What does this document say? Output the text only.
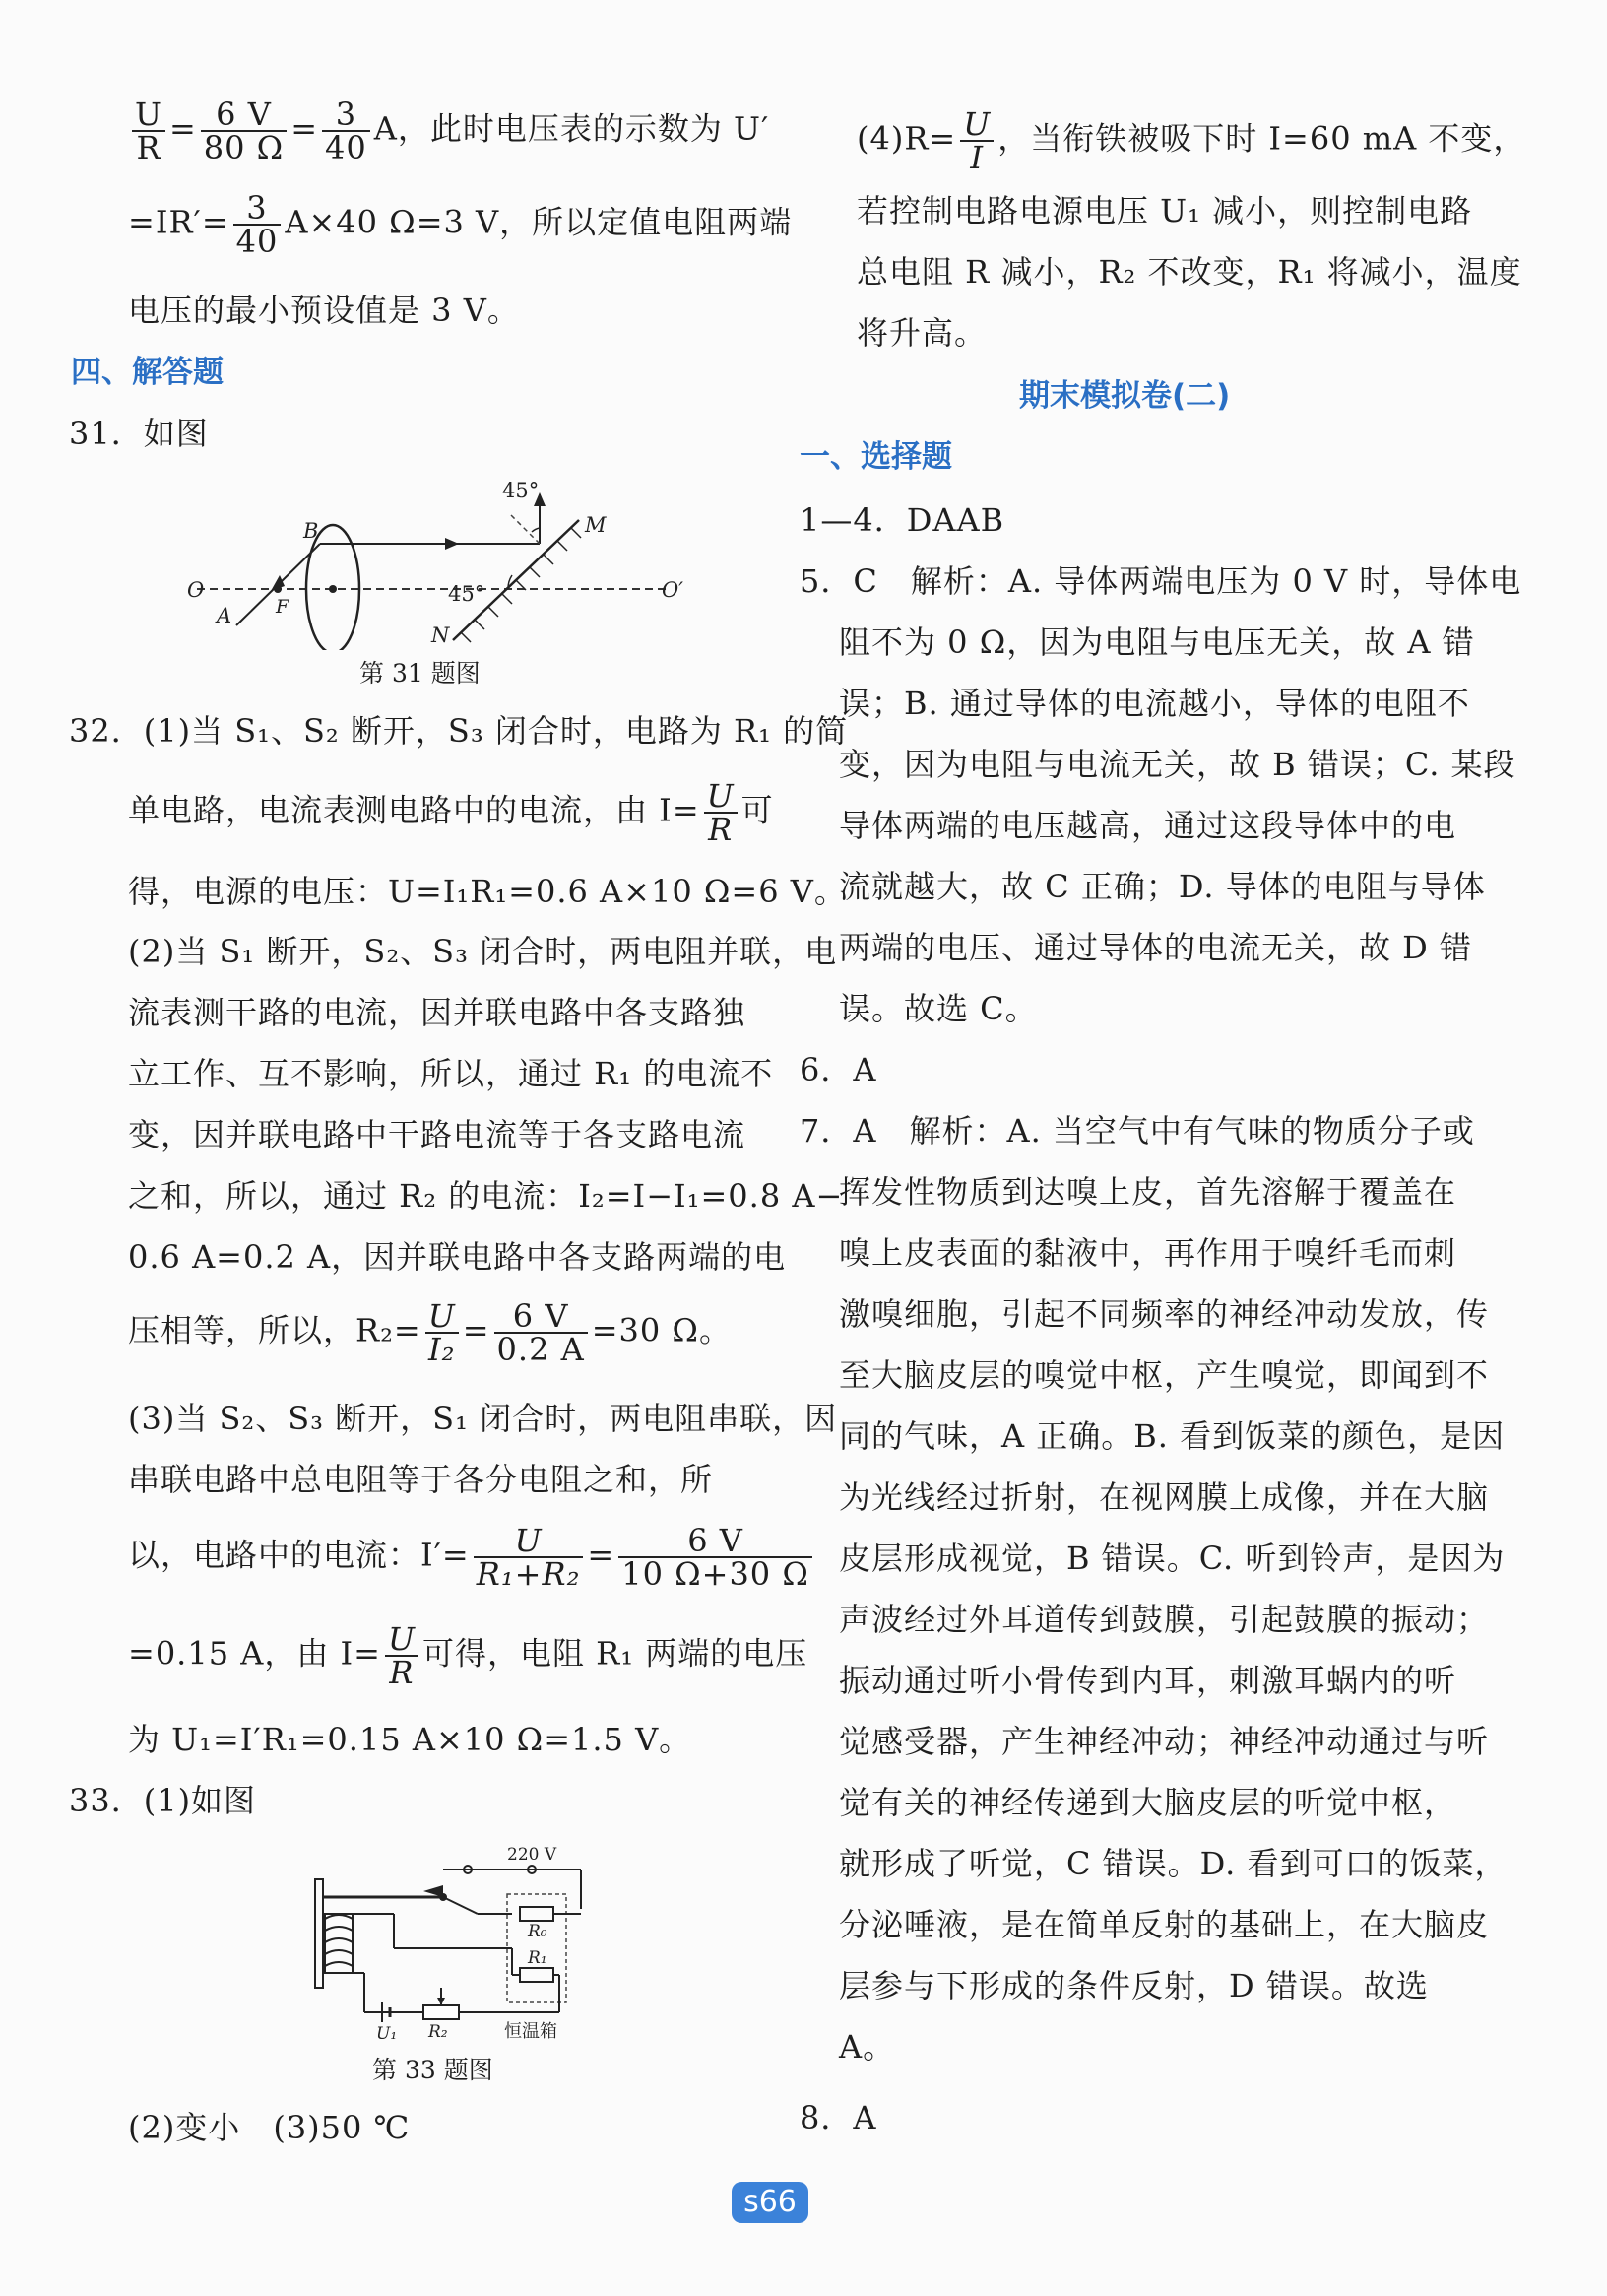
$\frac{U}{R} = \frac{6 V}{80 \Omega} = \frac{3}{40}$ A，此时电压表的示数为 U′
$=IR'= \frac{3}{40} A\times 40$ Ω=3 V，所以定值电阻两端
电压的最小预设值是 3 V。
四、解答题
31．如图
45°
45°
B	M
O	O′
A F
N
第 31 题图
32．(1)当 S₁、S₂ 断开，S₃ 闭合时，电路为 R₁ 的简
单电路，电流表测电路中的电流，由 $I= \frac{U}{R}$ 可
得，电源的电压：U=I₁R₁=0.6 A×10 Ω=6 V。
(2)当 S₁ 断开，S₂、S₃ 闭合时，两电阻并联，电
流表测干路的电流，因并联电路中各支路独
立工作、互不影响，所以，通过 R₁ 的电流不
变，因并联电路中干路电流等于各支路电流
之和，所以，通过 R₂ 的电流：I₂=I−I₁=0.8 A−
0.6 A=0.2 A，因并联电路中各支路两端的电
压相等，所以，$R_2= \frac{U}{\text{I₂}} = \frac{6 V}{0.2 A} =30$ Ω。
(3)当 S₂、S₃ 断开，S₁ 闭合时，两电阻串联，因
串联电路中总电阻等于各分电阻之和，所
以，电路中的电流：$I'= \frac{U}{\text{R₁+R₂}} = \frac{6 V}{10 \Omega+30 \Omega}$
=0.15 A，由 $I= \frac{U}{R}$ 可得，电阻 R₁ 两端的电压
为 U₁=I′R₁=0.15 A×10 Ω=1.5 V。
33．(1)如图
220 V
R₀
R₁
R₂
U₁	恒温箱
第 33 题图
(2)变小　(3)50 ℃
$(4)R= \frac{U}{I}$ ，当衔铁被吸下时 I=60 mA 不变，
若控制电路电源电压 U₁ 减小，则控制电路
总电阻 R 减小，R₂ 不改变，R₁ 将减小，温度
将升高。
期末模拟卷(二)
一、选择题
1—4．DAAB
5．C　解析：A. 导体两端电压为 0 V 时，导体电
阻不为 0 Ω，因为电阻与电压无关，故 A 错
误；B. 通过导体的电流越小，导体的电阻不
变，因为电阻与电流无关，故 B 错误；C. 某段
导体两端的电压越高，通过这段导体中的电
流就越大，故 C 正确；D. 导体的电阻与导体
两端的电压、通过导体的电流无关，故 D 错
误。故选 C。
6．A
7．A　解析：A. 当空气中有气味的物质分子或
挥发性物质到达嗅上皮，首先溶解于覆盖在
嗅上皮表面的黏液中，再作用于嗅纤毛而刺
激嗅细胞，引起不同频率的神经冲动发放，传
至大脑皮层的嗅觉中枢，产生嗅觉，即闻到不
同的气味，A 正确。B. 看到饭菜的颜色，是因
为光线经过折射，在视网膜上成像，并在大脑
皮层形成视觉，B 错误。C. 听到铃声，是因为
声波经过外耳道传到鼓膜，引起鼓膜的振动；
振动通过听小骨传到内耳，刺激耳蜗内的听
觉感受器，产生神经冲动；神经冲动通过与听
觉有关的神经传递到大脑皮层的听觉中枢，
就形成了听觉，C 错误。D. 看到可口的饭菜，
分泌唾液，是在简单反射的基础上，在大脑皮
层参与下形成的条件反射，D 错误。故选
A。
8．A
s66
